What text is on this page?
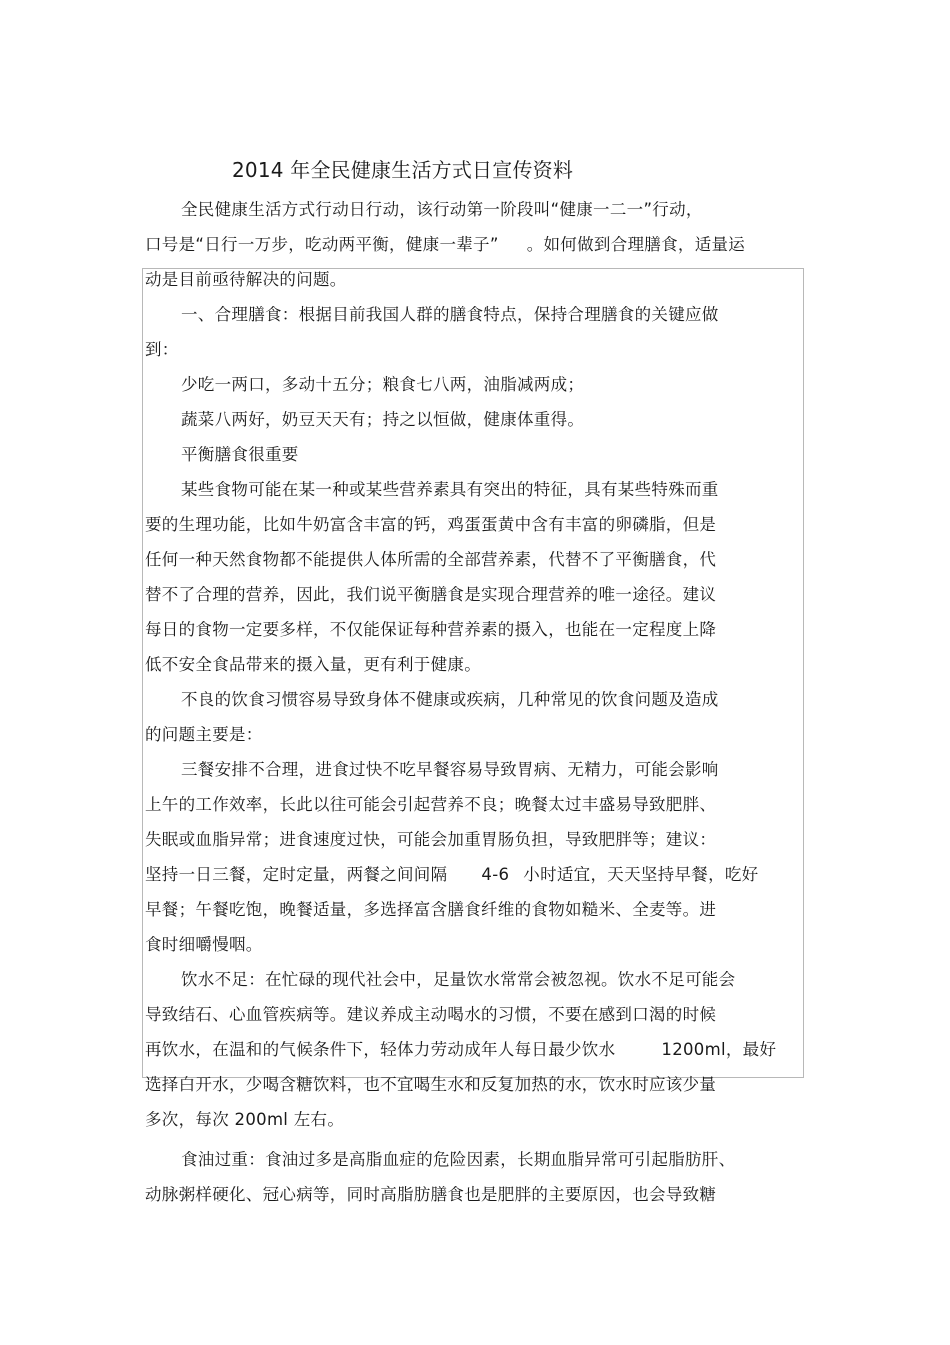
2014 年全民健康生活方式日宣传资料
全民健康生活方式行动日行动，该行动第一阶段叫“健康一二一”行动，
口号是“日行一万步，吃动两平衡，健康一辈子” 。如何做到合理膳食，适量运
动是目前亟待解决的问题。
一、合理膳食：根据目前我国人群的膳食特点，保持合理膳食的关键应做
到：
少吃一两口，多动十五分；粮食七八两，油脂减两成；
蔬菜八两好，奶豆天天有；持之以恒做，健康体重得。
平衡膳食很重要
某些食物可能在某一种或某些营养素具有突出的特征，具有某些特殊而重
要的生理功能，比如牛奶富含丰富的钙，鸡蛋蛋黄中含有丰富的卵磷脂，但是
任何一种天然食物都不能提供人体所需的全部营养素，代替不了平衡膳食，代
替不了合理的营养，因此，我们说平衡膳食是实现合理营养的唯一途径。建议
每日的食物一定要多样，不仅能保证每种营养素的摄入，也能在一定程度上降
低不安全食品带来的摄入量，更有利于健康。
不良的饮食习惯容易导致身体不健康或疾病，几种常见的饮食问题及造成
的问题主要是：
三餐安排不合理，进食过快不吃早餐容易导致胃病、无精力，可能会影响
上午的工作效率，长此以往可能会引起营养不良；晚餐太过丰盛易导致肥胖、
失眠或血脂异常；进食速度过快，可能会加重胃肠负担，导致肥胖等；建议：
坚持一日三餐，定时定量，两餐之间间隔 4-6 小时适宜，天天坚持早餐，吃好
早餐；午餐吃饱，晚餐适量，多选择富含膳食纤维的食物如糙米、全麦等。进
食时细嚼慢咽。
饮水不足：在忙碌的现代社会中，足量饮水常常会被忽视。饮水不足可能会
导致结石、心血管疾病等。建议养成主动喝水的习惯，不要在感到口渴的时候
再饮水，在温和的气候条件下，轻体力劳动成年人每日最少饮水	1200ml，最好
选择白开水，少喝含糖饮料，也不宜喝生水和反复加热的水，饮水时应该少量
多次，每次 200ml 左右。
食油过重：食油过多是高脂血症的危险因素，长期血脂异常可引起脂肪肝、
动脉粥样硬化、冠心病等，同时高脂肪膳食也是肥胖的主要原因，也会导致糖
